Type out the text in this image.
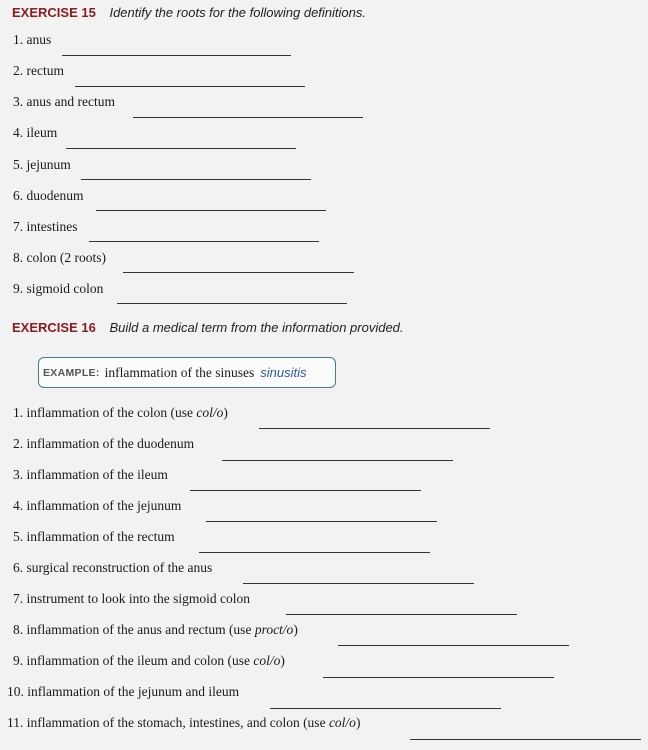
EXERCISE 15 Identify the roots for the following definitions.
1. anus
2. rectum
3. anus and rectum
4. ileum
5. jejunum
6. duodenum
7. intestines
8. colon (2 roots)
9. sigmoid colon
EXERCISE 16 Build a medical term from the information provided.
EXAMPLE: inflammation of the sinuses sinusitis
1. inflammation of the colon (use col/o)
2. inflammation of the duodenum
3. inflammation of the ileum
4. inflammation of the jejunum
5. inflammation of the rectum
6. surgical reconstruction of the anus
7. instrument to look into the sigmoid colon
8. inflammation of the anus and rectum (use proct/o)
9. inflammation of the ileum and colon (use col/o)
10. inflammation of the jejunum and ileum
11. inflammation of the stomach, intestines, and colon (use col/o)
